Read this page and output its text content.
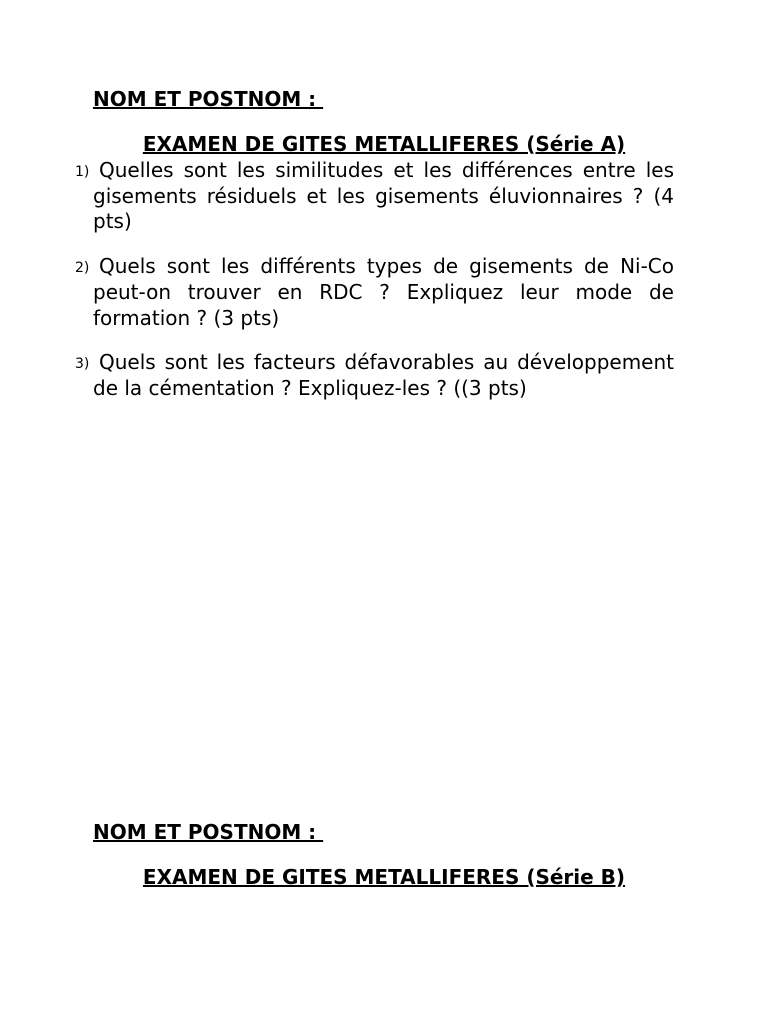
NOM ET POSTNOM :
EXAMEN DE GITES METALLIFERES (Série A)
1) Quelles sont les similitudes et les différences entre les gisements résiduels et les gisements éluvionnaires ? (4 pts)
2) Quels sont les différents types de gisements de Ni-Co peut-on trouver en RDC ? Expliquez leur mode de formation ? (3 pts)
3) Quels sont les facteurs défavorables au développement de la cémentation ? Expliquez-les ? ((3 pts)
NOM ET POSTNOM :
EXAMEN DE GITES METALLIFERES (Série B)
